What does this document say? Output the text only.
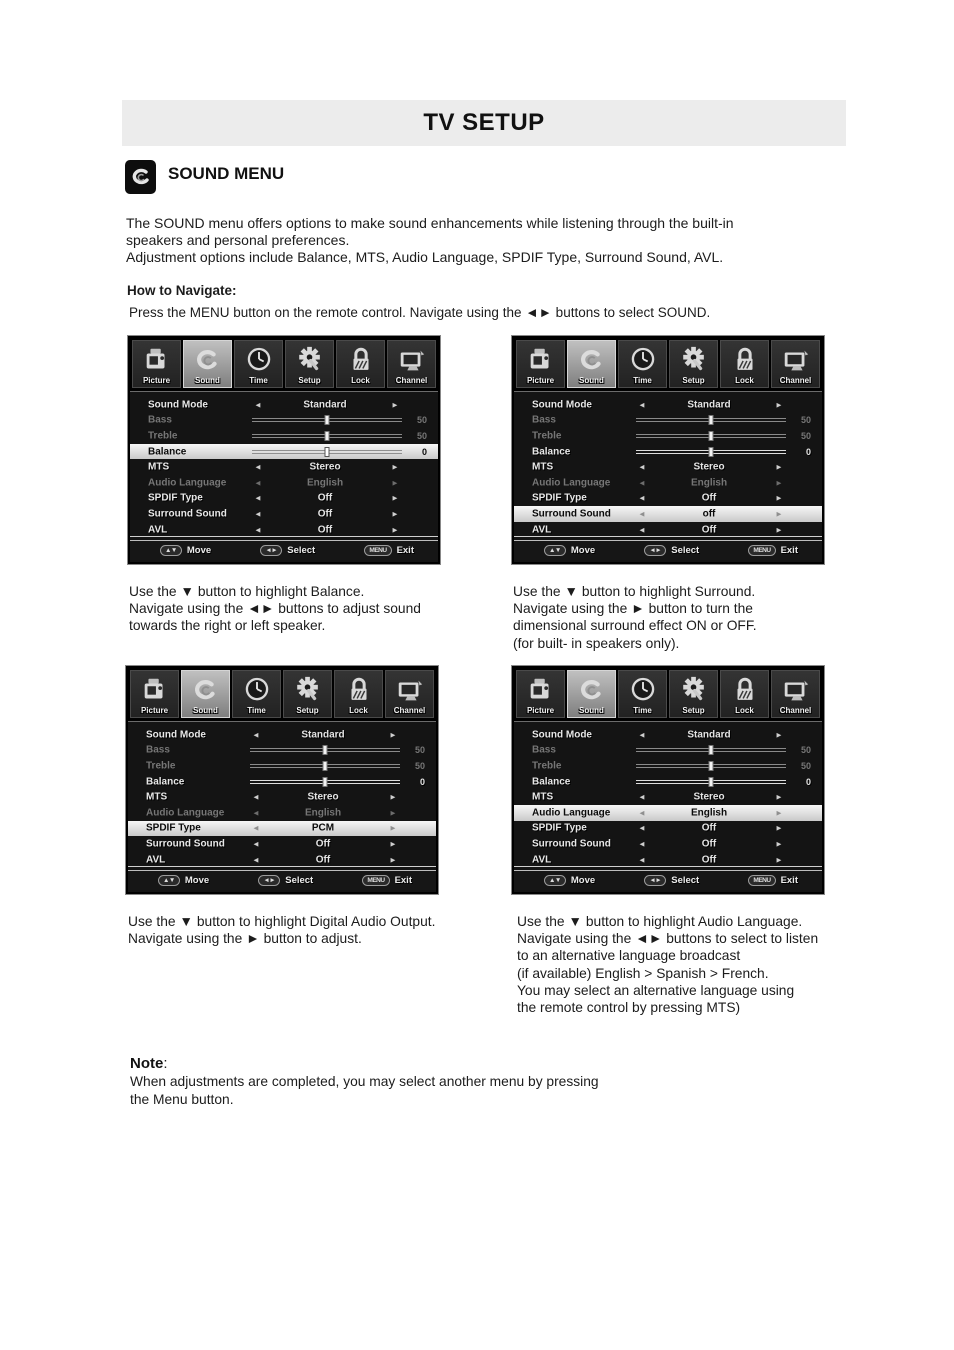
TV SETUP
SOUND MENU
The SOUND menu offers options to make sound enhancements while listening through the built-in
speakers and personal preferences.
Adjustment options include Balance, MTS, Audio Language, SPDIF Type, Surround Sound, AVL.
How to Navigate:
Press the MENU button on the remote control. Navigate using the ◄► buttons to select SOUND.
Picture	Sound	Time	Setup	Lock	Channel
Sound Mode	◄	Standard	►
Bass	50
Treble	50
Balance	0
MTS	◄	Stereo	►
Audio Language	◄	English	►
SPDIF Type	◄	Off	►
Surround Sound	◄	Off	►
AVL	◄	Off	►
▲▼	Move	◄►	Select	MENU	Exit
Picture	Sound	Time	Setup	Lock	Channel
Sound Mode	◄	Standard	►
Bass	50
Treble	50
Balance	0
MTS	◄	Stereo	►
Audio Language	◄	English	►
SPDIF Type	◄	Off	►
Surround Sound	◄	off	►
AVL	◄	Off	►
▲▼	Move	◄►	Select	MENU	Exit
Picture	Sound	Time	Setup	Lock	Channel
Sound Mode	◄	Standard	►
Bass	50
Treble	50
Balance	0
MTS	◄	Stereo	►
Audio Language	◄	English	►
SPDIF Type	◄	PCM	►
Surround Sound	◄	Off	►
AVL	◄	Off	►
▲▼	Move	◄►	Select	MENU	Exit
Picture	Sound	Time	Setup	Lock	Channel
Sound Mode	◄	Standard	►
Bass	50
Treble	50
Balance	0
MTS	◄	Stereo	►
Audio Language	◄	English	►
SPDIF Type	◄	Off	►
Surround Sound	◄	Off	►
AVL	◄	Off	►
▲▼	Move	◄►	Select	MENU	Exit
Use the ▼ button to highlight Balance.
Navigate using the ◄► buttons to adjust sound
towards the right or left speaker.
Use the ▼ button to highlight Surround.
Navigate using the ► button to turn the
dimensional surround effect ON or OFF.
(for built- in speakers only).
Use the ▼ button to highlight Digital Audio Output.
Navigate using the ► button to adjust.
Use the ▼ button to highlight Audio Language.
Navigate using the ◄► buttons to select to listen
to an alternative language broadcast
(if available) English > Spanish > French.
You may select an alternative language using
the remote control by pressing MTS)
Note:
When adjustments are completed, you may select another menu by pressing
the Menu button.
